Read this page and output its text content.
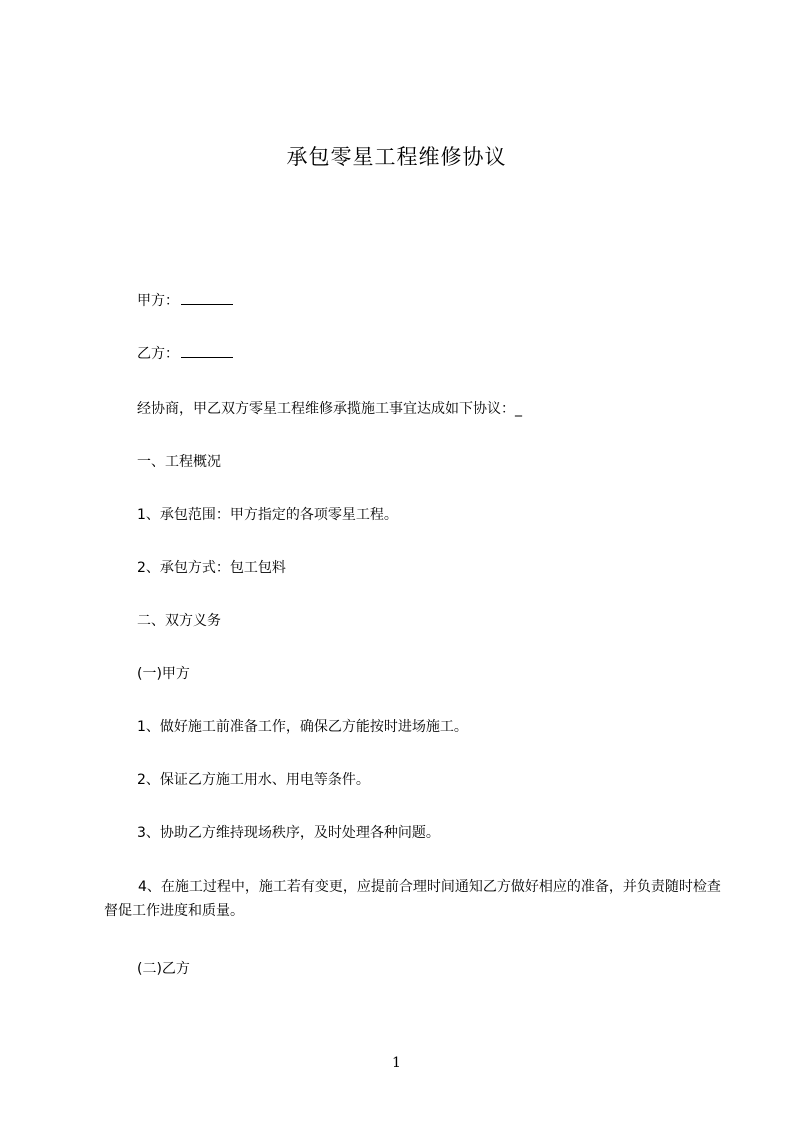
承包零星工程维修协议
甲方：
乙方：
经协商，甲乙双方零星工程维修承揽施工事宜达成如下协议：_
一、工程概况
1、承包范围：甲方指定的各项零星工程。
2、承包方式：包工包料
二、双方义务
(一)甲方
1、做好施工前准备工作，确保乙方能按时进场施工。
2、保证乙方施工用水、用电等条件。
3、协助乙方维持现场秩序，及时处理各种问题。
4、在施工过程中，施工若有变更，应提前合理时间通知乙方做好相应的准备，并负责随时检查督促工作进度和质量。
(二)乙方
1
